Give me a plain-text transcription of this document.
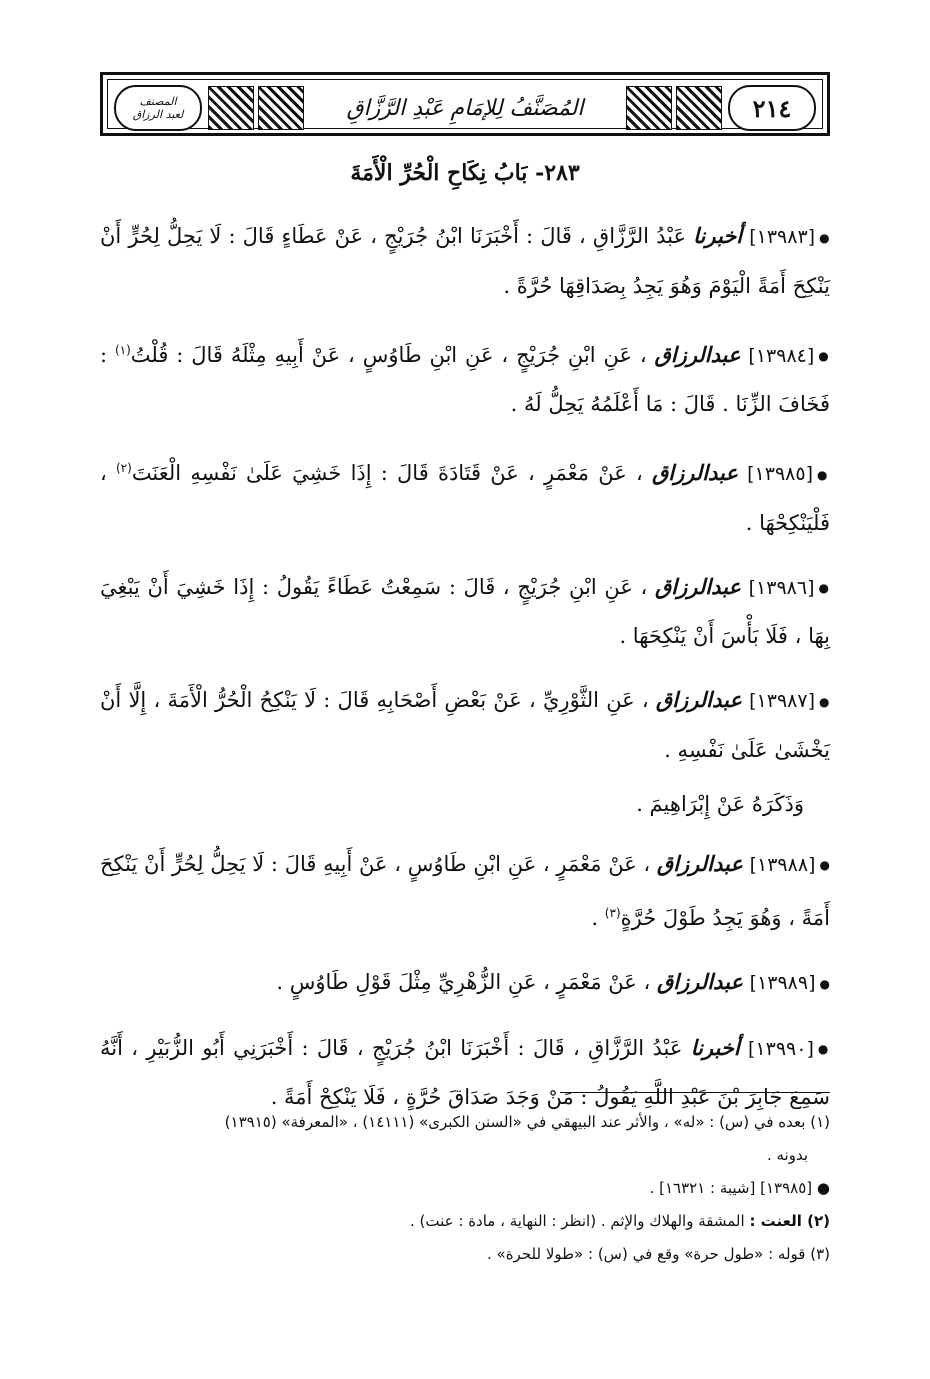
٢١٤
المُصَنَّفُ لِلإمَامِ عَبْدِ الرَّزَّاقِ
المصنف
لعبد الرزاق
٢٨٣- بَابُ نِكَاحِ الْحُرِّ الْأَمَةَ

●[١٣٩٨٣] أخبرنا عَبْدُ الرَّزَّاقِ ، قَالَ : أَخْبَرَنَا ابْنُ جُرَيْجٍ ، عَنْ عَطَاءٍ قَالَ : لَا يَحِلُّ لِحُرٍّ أَنْ يَنْكِحَ أَمَةً الْيَوْمَ وَهُوَ يَجِدُ بِصَدَاقِهَا حُرَّةً .

●[١٣٩٨٤] عبدالرزاق ، عَنِ ابْنِ جُرَيْجٍ ، عَنِ ابْنِ طَاوُسٍ ، عَنْ أَبِيهِ مِثْلَهُ قَالَ : قُلْتُ$^{(١)}$ : فَخَافَ الزِّنَا . قَالَ : مَا أَعْلَمُهُ يَحِلُّ لَهُ .

●[١٣٩٨٥] عبدالرزاق ، عَنْ مَعْمَرٍ ، عَنْ قَتَادَةَ قَالَ : إِذَا خَشِيَ عَلَىٰ نَفْسِهِ الْعَنَتَ$^{(٢)}$ ، فَلْيَنْكِحْهَا .

●[١٣٩٨٦] عبدالرزاق ، عَنِ ابْنِ جُرَيْجٍ ، قَالَ : سَمِعْتُ عَطَاءً يَقُولُ : إِذَا خَشِيَ أَنْ يَبْغِيَ بِهَا ، فَلَا بَأْسَ أَنْ يَنْكِحَهَا .

●[١٣٩٨٧] عبدالرزاق ، عَنِ الثَّوْرِيِّ ، عَنْ بَعْضِ أَصْحَابِهِ قَالَ : لَا يَنْكِحُ الْحُرُّ الْأَمَةَ ، إِلَّا أَنْ يَخْشَىٰ عَلَىٰ نَفْسِهِ .

وَذَكَرَهُ عَنْ إِبْرَاهِيمَ .

●[١٣٩٨٨] عبدالرزاق ، عَنْ مَعْمَرٍ ، عَنِ ابْنِ طَاوُسٍ ، عَنْ أَبِيهِ قَالَ : لَا يَحِلُّ لِحُرٍّ أَنْ يَنْكِحَ أَمَةً ، وَهُوَ يَجِدُ طَوْلَ حُرَّةٍ$^{(٣)}$ .

●[١٣٩٨٩] عبدالرزاق ، عَنْ مَعْمَرٍ ، عَنِ الزُّهْرِيِّ مِثْلَ قَوْلِ طَاوُسٍ .

●[١٣٩٩٠] أخبرنا عَبْدُ الرَّزَّاقِ ، قَالَ : أَخْبَرَنَا ابْنُ جُرَيْجٍ ، قَالَ : أَخْبَرَنِي أَبُو الزُّبَيْرِ ، أَنَّهُ سَمِعَ جَابِرَ بْنَ عَبْدِ اللَّهِ يَقُولُ : مَنْ وَجَدَ صَدَاقَ حُرَّةٍ ، فَلَا يَنْكِحْ أَمَةً .

(١) بعده في (س) : «له» ، والأثر عند البيهقي في «السنن الكبرى» (١٤١١١) ، «المعرفة» (١٣٩١٥)

بدونه .

● [١٣٩٨٥] [شيبة : ١٦٣٢١] .

(٢) العنت : المشقة والهلاك والإثم . (انظر : النهاية ، مادة : عنت) .

(٣) قوله : «طول حرة» وقع في (س) : «طولا للحرة» .
